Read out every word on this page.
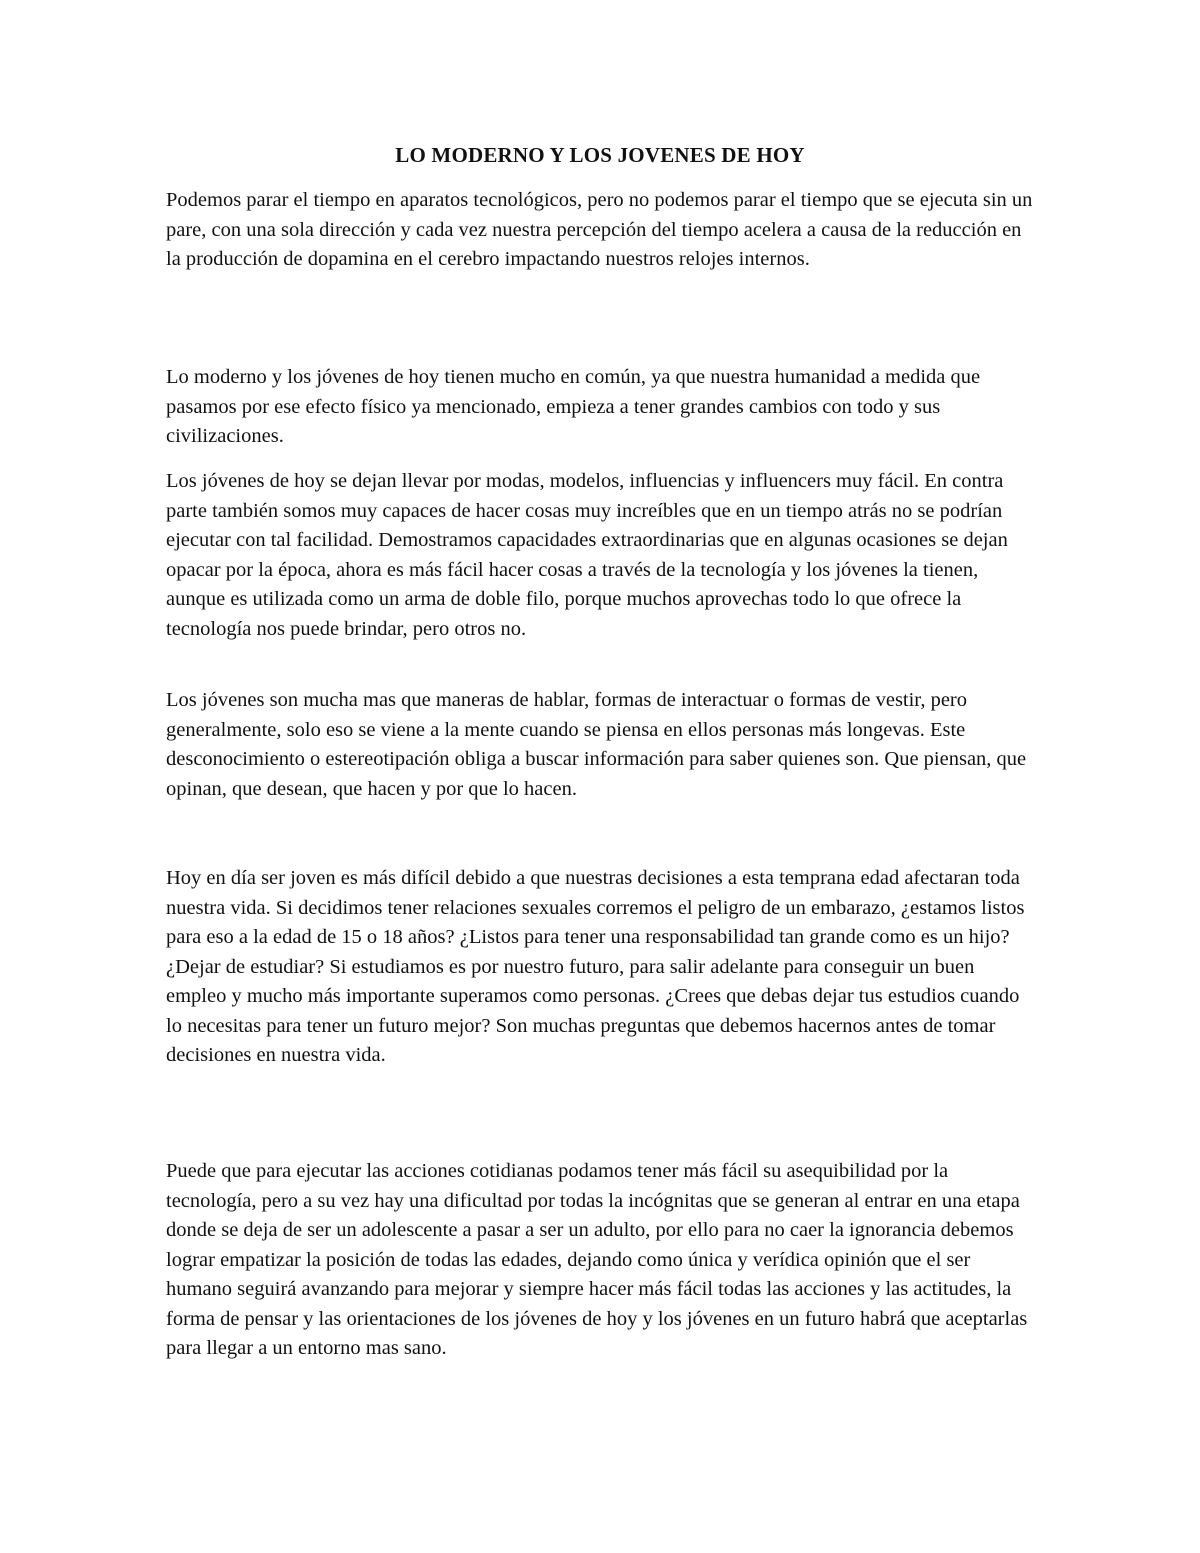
LO MODERNO Y LOS JOVENES DE HOY

Podemos parar el tiempo en aparatos tecnológicos, pero no podemos parar el tiempo que se ejecuta sin un pare, con una sola dirección y cada vez nuestra percepción del tiempo acelera a causa de la reducción en la producción de dopamina en el cerebro impactando nuestros relojes internos.

Lo moderno y los jóvenes de hoy tienen mucho en común, ya que nuestra humanidad a medida que pasamos por ese efecto físico ya mencionado, empieza a tener grandes cambios con todo y sus civilizaciones.

Los jóvenes de hoy se dejan llevar por modas, modelos, influencias y influencers muy fácil. En contra parte también somos muy capaces de hacer cosas muy increíbles que en un tiempo atrás no se podrían ejecutar con tal facilidad. Demostramos capacidades extraordinarias que en algunas ocasiones se dejan opacar por la época, ahora es más fácil hacer cosas a través de la tecnología y los jóvenes la tienen, aunque es utilizada como un arma de doble filo, porque muchos aprovechas todo lo que ofrece la tecnología nos puede brindar, pero otros no.

Los jóvenes son mucha mas que maneras de hablar, formas de interactuar o formas de vestir, pero generalmente, solo eso se viene a la mente cuando se piensa en ellos personas más longevas. Este desconocimiento o estereotipación obliga a buscar información para saber quienes son. Que piensan, que opinan, que desean, que hacen y por que lo hacen.

Hoy en día ser joven es más difícil debido a que nuestras decisiones a esta temprana edad afectaran toda nuestra vida. Si decidimos tener relaciones sexuales corremos el peligro de un embarazo, ¿estamos listos para eso a la edad de 15 o 18 años? ¿Listos para tener una responsabilidad tan grande como es un hijo? ¿Dejar de estudiar? Si estudiamos es por nuestro futuro, para salir adelante para conseguir un buen empleo y mucho más importante superamos como personas. ¿Crees que debas dejar tus estudios cuando lo necesitas para tener un futuro mejor? Son muchas preguntas que debemos hacernos antes de tomar decisiones en nuestra vida.

Puede que para ejecutar las acciones cotidianas podamos tener más fácil su asequibilidad por la tecnología, pero a su vez hay una dificultad por todas la incógnitas que se generan al entrar en una etapa donde se deja de ser un adolescente a pasar a ser un adulto, por ello para no caer la ignorancia debemos lograr empatizar la posición de todas las edades, dejando como única y verídica opinión que el ser humano seguirá avanzando para mejorar y siempre hacer más fácil todas las acciones y las actitudes, la forma de pensar y las orientaciones de los jóvenes de hoy y los jóvenes en un futuro habrá que aceptarlas para llegar a un entorno mas sano.
